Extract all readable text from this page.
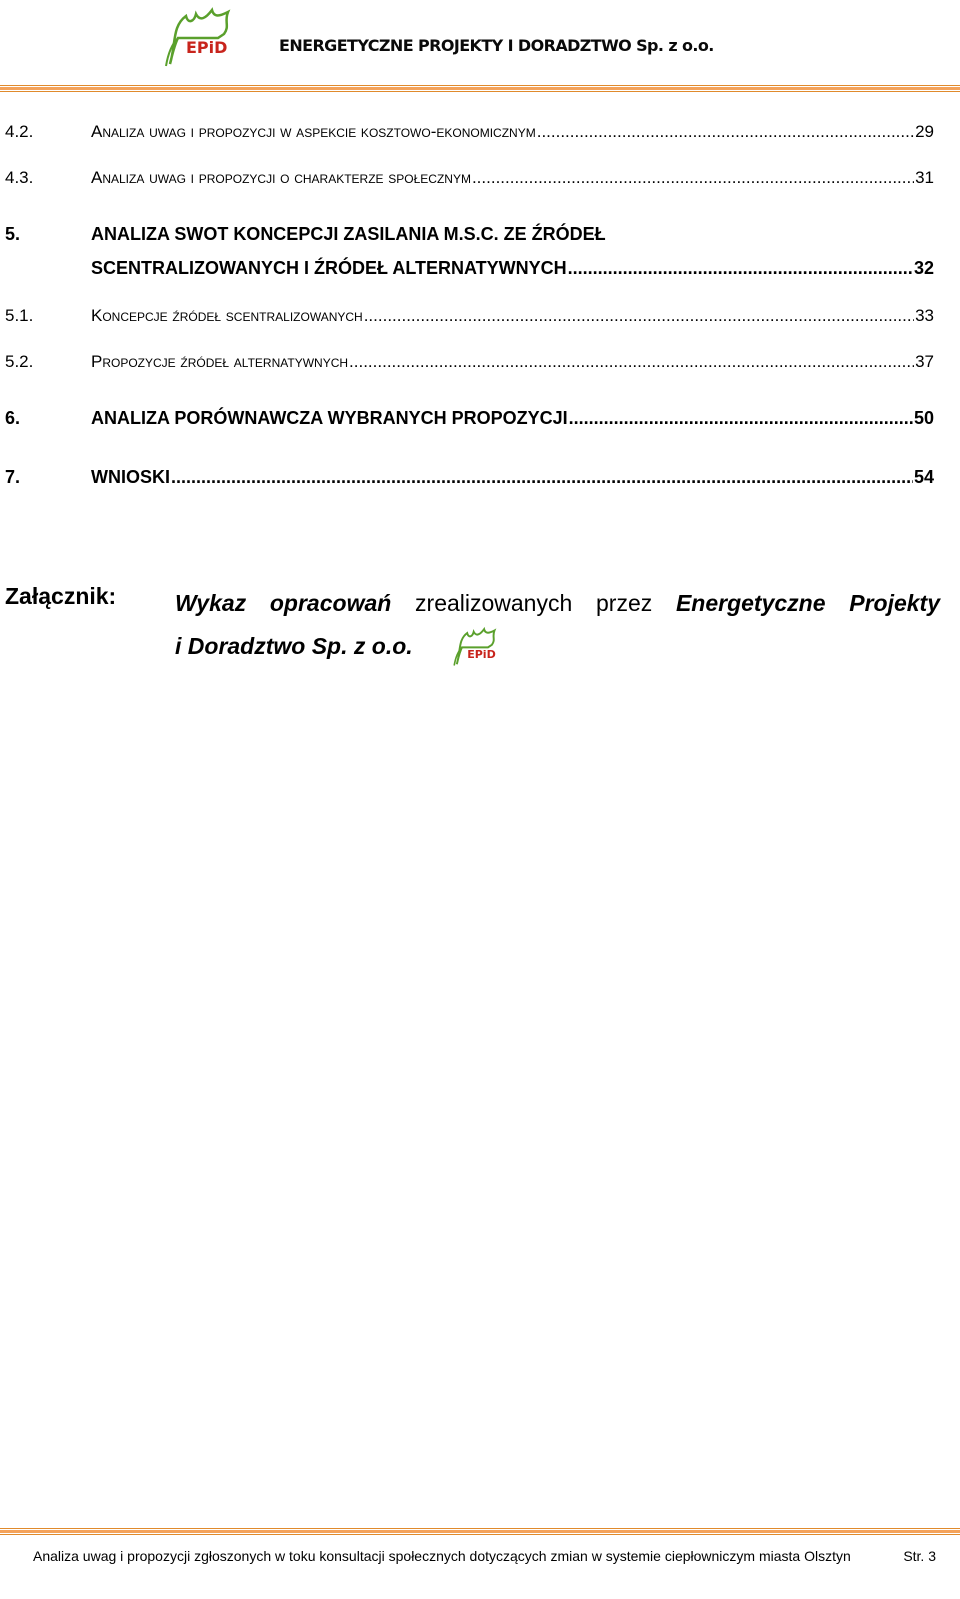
EPiD	ENERGETYCZNE PROJEKTY I DORADZTWO Sp. z o.o.
4.2.	Analiza uwag i propozycji w aspekcie kosztowo-ekonomicznym .....	29
4.3.	Analiza uwag i propozycji o charakterze społecznym .....	31
5.	ANALIZA SWOT KONCEPCJI ZASILANIA M.S.C. ZE ŹRÓDEŁ
SCENTRALIZOWANYCH I ŹRÓDEŁ ALTERNATYWNYCH .....	32
5.1.	Koncepcje źródeł scentralizowanych .....	33
5.2.	Propozycje źródeł alternatywnych .....	37
6.	ANALIZA PORÓWNAWCZA WYBRANYCH PROPOZYCJI .....	50
7.	WNIOSKI .....	54
Załącznik:	Wykaz opracowań zrealizowanych przez Energetyczne Projekty
i Doradztwo Sp. z o.o.	EPiD
Analiza uwag i propozycji zgłoszonych w toku konsultacji społecznych dotyczących zmian w systemie ciepłowniczym miasta Olsztyn	Str. 3
